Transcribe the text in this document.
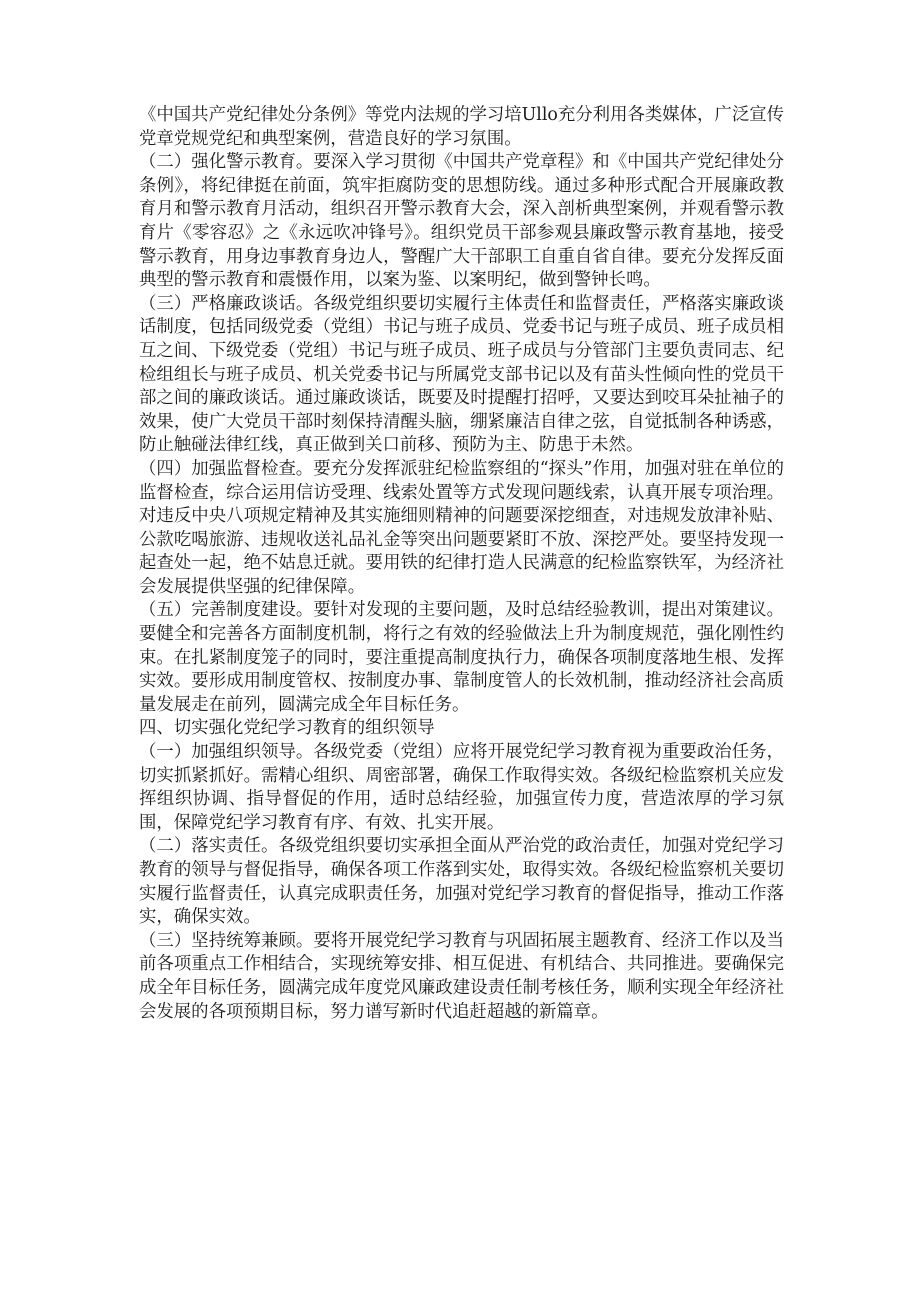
《中国共产党纪律处分条例》等党内法规的学习培Ullo充分利用各类媒体，广泛宣传党章党规党纪和典型案例，营造良好的学习氛围。

（二）强化警示教育。要深入学习贯彻《中国共产党章程》和《中国共产党纪律处分条例》，将纪律挺在前面，筑牢拒腐防变的思想防线。通过多种形式配合开展廉政教育月和警示教育月活动，组织召开警示教育大会，深入剖析典型案例，并观看警示教育片《零容忍》之《永远吹冲锋号》。组织党员干部参观县廉政警示教育基地，接受警示教育，用身边事教育身边人，警醒广大干部职工自重自省自律。要充分发挥反面典型的警示教育和震慑作用，以案为鉴、以案明纪，做到警钟长鸣。

（三）严格廉政谈话。各级党组织要切实履行主体责任和监督责任，严格落实廉政谈话制度，包括同级党委（党组）书记与班子成员、党委书记与班子成员、班子成员相互之间、下级党委（党组）书记与班子成员、班子成员与分管部门主要负责同志、纪检组组长与班子成员、机关党委书记与所属党支部书记以及有苗头性倾向性的党员干部之间的廉政谈话。通过廉政谈话，既要及时提醒打招呼，又要达到咬耳朵扯袖子的效果，使广大党员干部时刻保持清醒头脑，绷紧廉洁自律之弦，自觉抵制各种诱惑，防止触碰法律红线，真正做到关口前移、预防为主、防患于未然。

（四）加强监督检查。要充分发挥派驻纪检监察组的“探头”作用，加强对驻在单位的监督检查，综合运用信访受理、线索处置等方式发现问题线索，认真开展专项治理。对违反中央八项规定精神及其实施细则精神的问题要深挖细查，对违规发放津补贴、公款吃喝旅游、违规收送礼品礼金等突出问题要紧盯不放、深挖严处。要坚持发现一起查处一起，绝不姑息迁就。要用铁的纪律打造人民满意的纪检监察铁军，为经济社会发展提供坚强的纪律保障。

（五）完善制度建设。要针对发现的主要问题，及时总结经验教训，提出对策建议。要健全和完善各方面制度机制，将行之有效的经验做法上升为制度规范，强化刚性约束。在扎紧制度笼子的同时，要注重提高制度执行力，确保各项制度落地生根、发挥实效。要形成用制度管权、按制度办事、靠制度管人的长效机制，推动经济社会高质量发展走在前列，圆满完成全年目标任务。

四、切实强化党纪学习教育的组织领导

（一）加强组织领导。各级党委（党组）应将开展党纪学习教育视为重要政治任务，切实抓紧抓好。需精心组织、周密部署，确保工作取得实效。各级纪检监察机关应发挥组织协调、指导督促的作用，适时总结经验，加强宣传力度，营造浓厚的学习氛围，保障党纪学习教育有序、有效、扎实开展。

（二）落实责任。各级党组织要切实承担全面从严治党的政治责任，加强对党纪学习教育的领导与督促指导，确保各项工作落到实处，取得实效。各级纪检监察机关要切实履行监督责任，认真完成职责任务，加强对党纪学习教育的督促指导，推动工作落实，确保实效。

（三）坚持统筹兼顾。要将开展党纪学习教育与巩固拓展主题教育、经济工作以及当前各项重点工作相结合，实现统筹安排、相互促进、有机结合、共同推进。要确保完成全年目标任务，圆满完成年度党风廉政建设责任制考核任务，顺利实现全年经济社会发展的各项预期目标，努力谱写新时代追赶超越的新篇章。
